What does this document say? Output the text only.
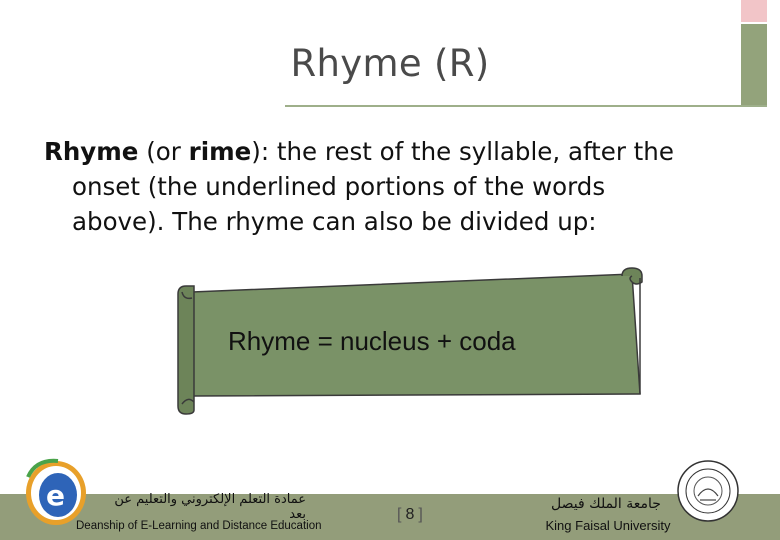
Rhyme (R)
Rhyme (or rime): the rest of the syllable, after the
onset (the underlined portions of the words
above). The rhyme can also be divided up:
Rhyme = nucleus + coda
e	عمادة التعلم الإلكتروني والتعليم عن بعد
Deanship of E-Learning and Distance Education
[ 8 ]
جامعة الملك فيصل
King Faisal University
